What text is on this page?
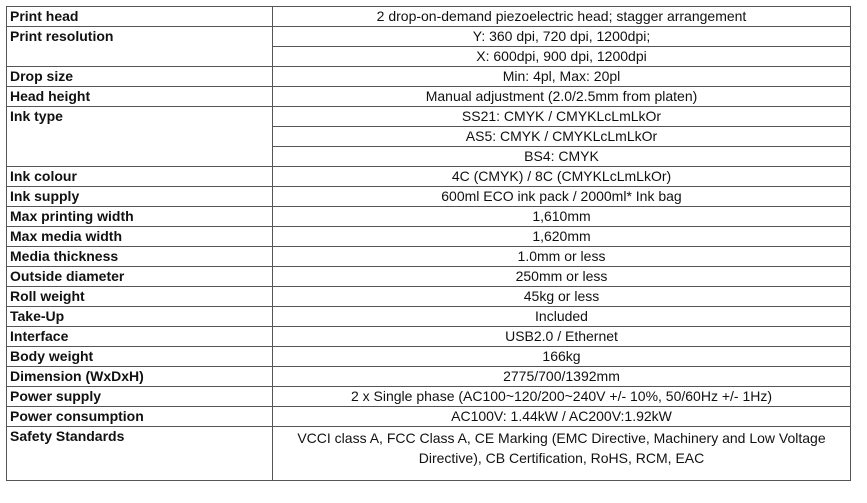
Print head	2 drop-on-demand piezoelectric head; stagger arrangement
Print resolution	Y: 360 dpi, 720 dpi, 1200dpi;
	X: 600dpi, 900 dpi, 1200dpi
Drop size	Min: 4pl, Max: 20pl
Head height	Manual adjustment (2.0/2.5mm from platen)
Ink type	SS21: CMYK / CMYKLcLmLkOr
	AS5: CMYK / CMYKLcLmLkOr
	BS4: CMYK
Ink colour	4C (CMYK) / 8C (CMYKLcLmLkOr)
Ink supply	600ml ECO ink pack / 2000ml* Ink bag
Max printing width	1,610mm
Max media width	1,620mm
Media thickness	1.0mm or less
Outside diameter	250mm or less
Roll weight	45kg or less
Take-Up	Included
Interface	USB2.0 / Ethernet
Body weight	166kg
Dimension (WxDxH)	2775/700/1392mm
Power supply	2 x Single phase (AC100~120/200~240V +/- 10%, 50/60Hz +/- 1Hz)
Power consumption	AC100V: 1.44kW / AC200V:1.92kW
Safety Standards	VCCI class A, FCC Class A, CE Marking (EMC Directive, Machinery and Low Voltage Directive), CB Certification, RoHS, RCM, EAC
